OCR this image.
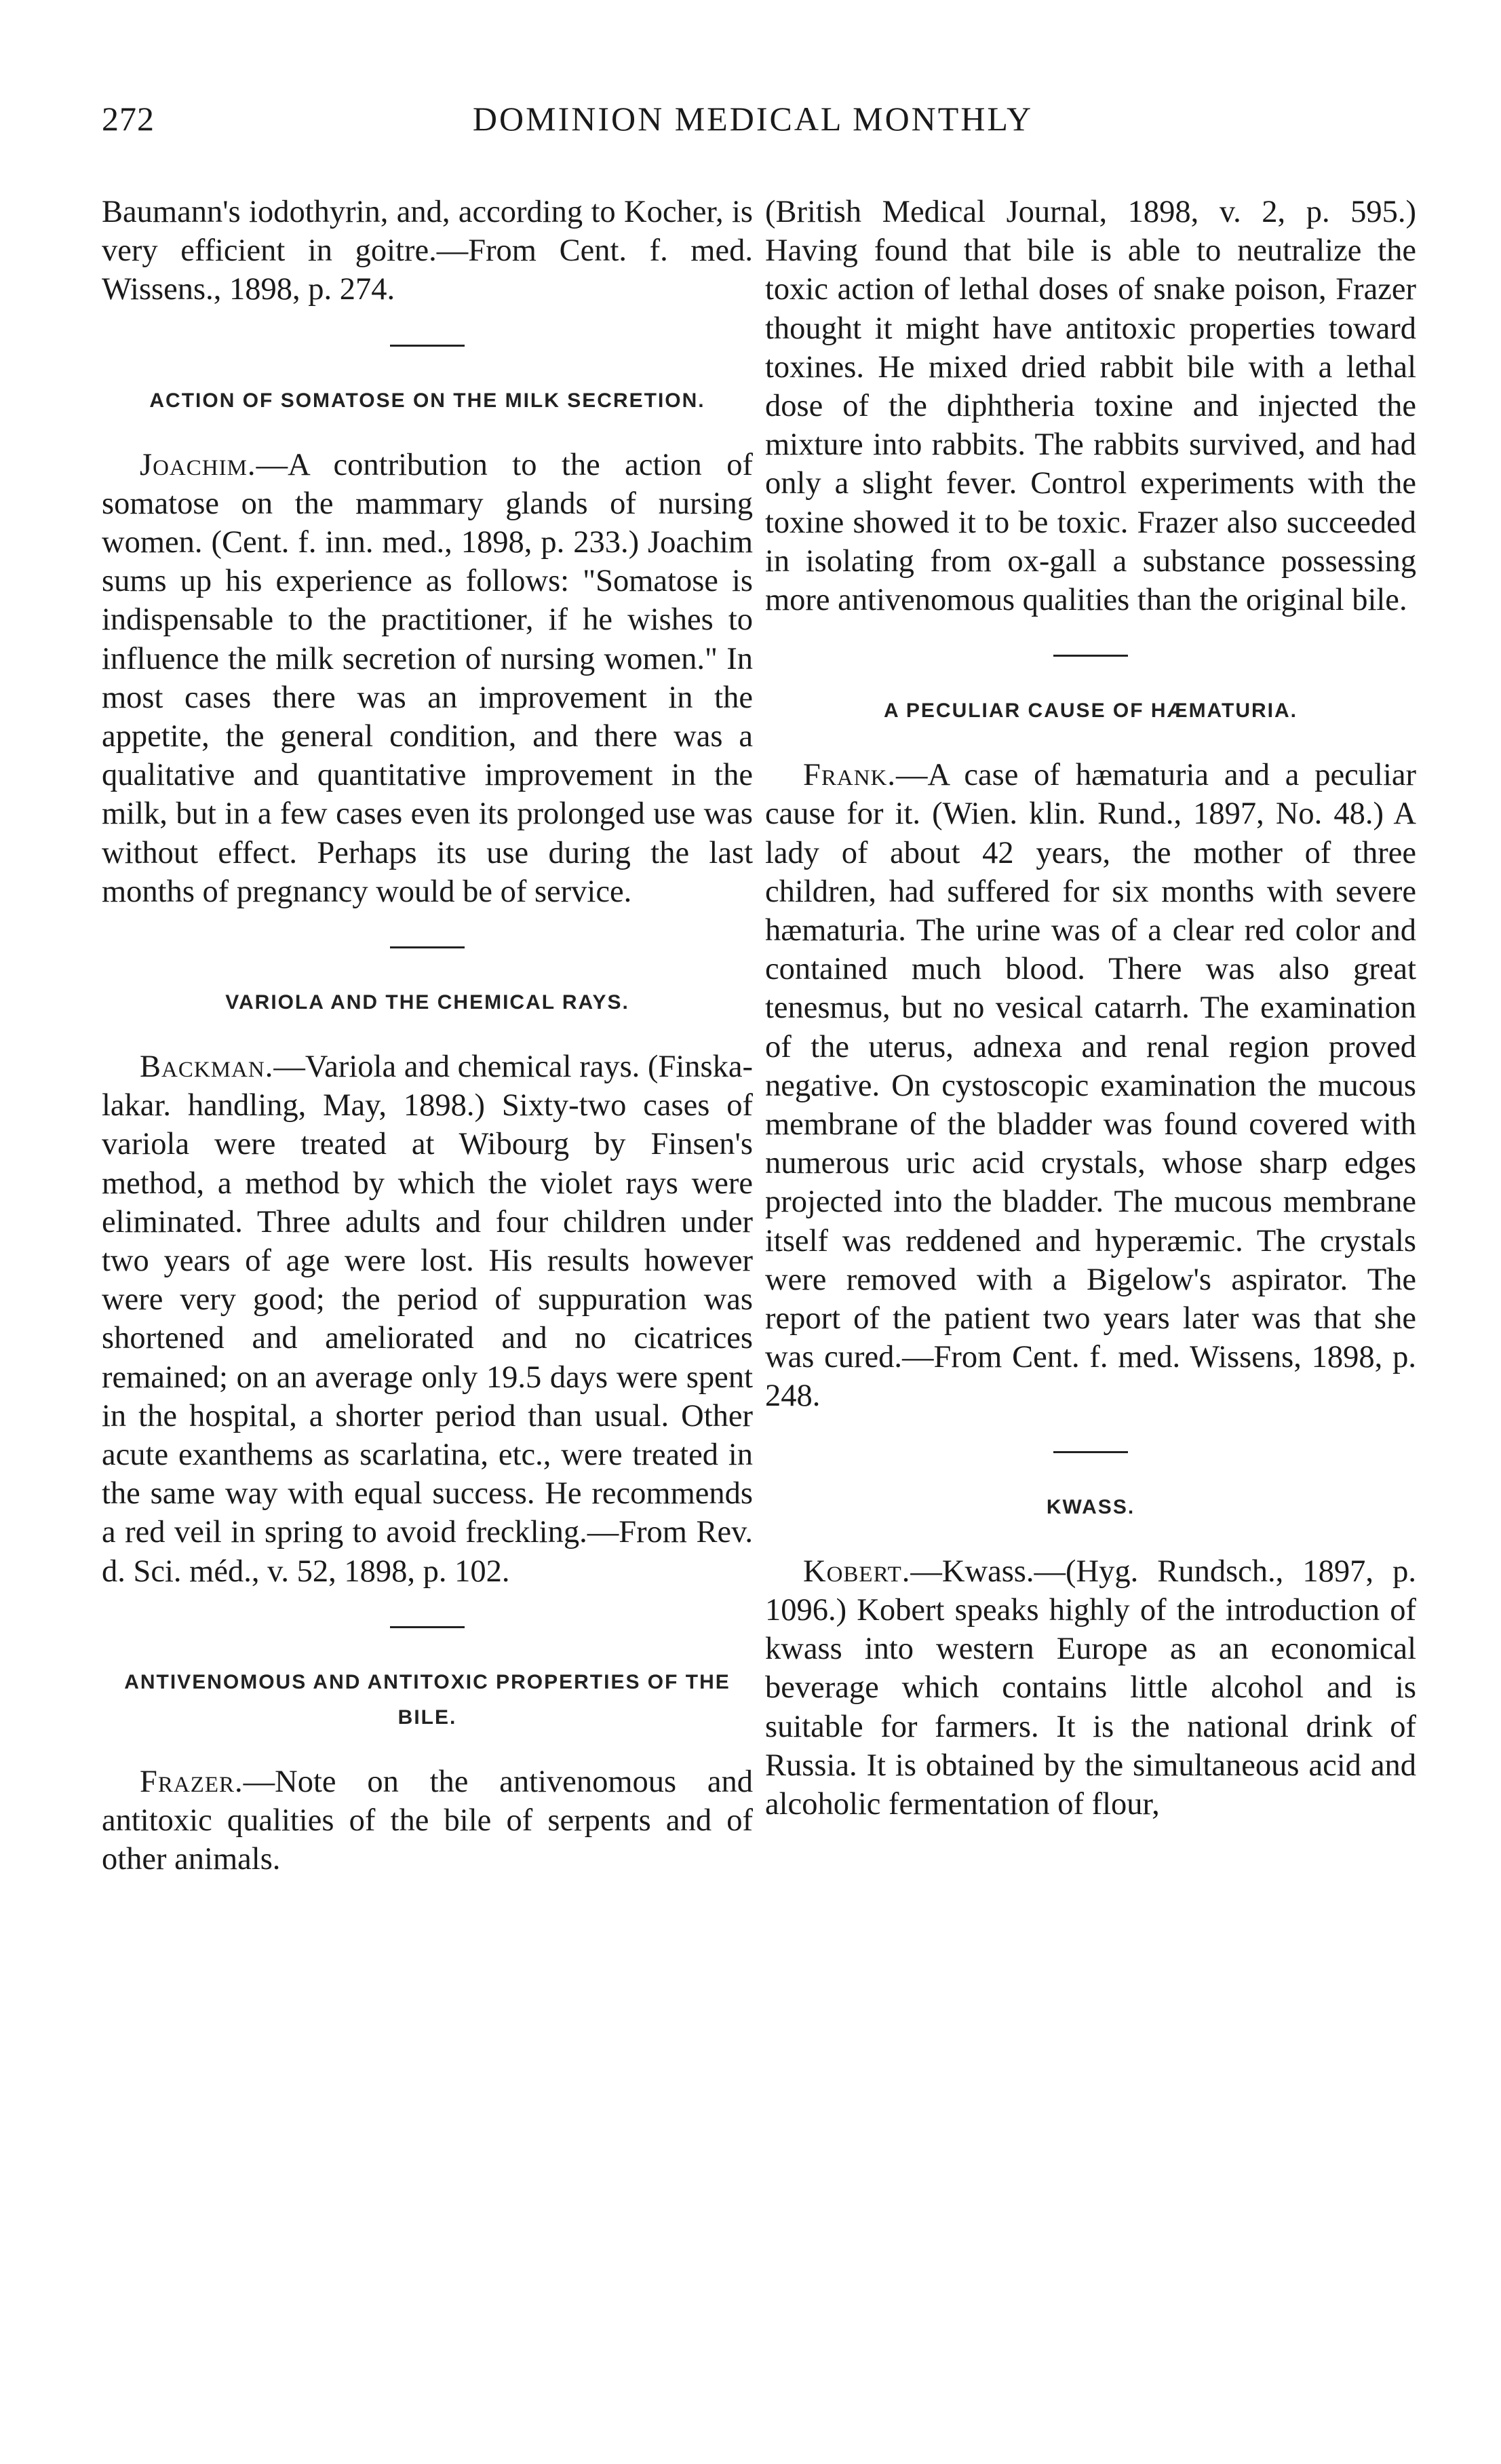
272	DOMINION MEDICAL MONTHLY

Baumann's iodothyrin, and, according to Kocher, is very efficient in goitre.—From Cent. f. med. Wissens., 1898, p. 274.

ACTION OF SOMATOSE ON THE MILK SECRETION.

Joachim.—A contribution to the action of somatose on the mammary glands of nursing women. (Cent. f. inn. med., 1898, p. 233.) Joachim sums up his experience as follows: "Somatose is indispensable to the practitioner, if he wishes to influence the milk secretion of nursing women." In most cases there was an improvement in the appetite, the general condition, and there was a qualitative and quantitative improvement in the milk, but in a few cases even its prolonged use was without effect. Perhaps its use during the last months of pregnancy would be of service.

VARIOLA AND THE CHEMICAL RAYS.

Backman.—Variola and chemical rays. (Finska-lakar. handling, May, 1898.) Sixty-two cases of variola were treated at Wibourg by Finsen's method, a method by which the violet rays were eliminated. Three adults and four children under two years of age were lost. His results however were very good; the period of suppuration was shortened and ameliorated and no cicatrices remained; on an average only 19.5 days were spent in the hospital, a shorter period than usual. Other acute exanthems as scarlatina, etc., were treated in the same way with equal success. He recommends a red veil in spring to avoid freckling.—From Rev. d. Sci. méd., v. 52, 1898, p. 102.

ANTIVENOMOUS AND ANTITOXIC PROPERTIES OF THE BILE.

Frazer.—Note on the antivenomous and antitoxic qualities of the bile of serpents and of other animals.

(British Medical Journal, 1898, v. 2, p. 595.) Having found that bile is able to neutralize the toxic action of lethal doses of snake poison, Frazer thought it might have antitoxic properties toward toxines. He mixed dried rabbit bile with a lethal dose of the diphtheria toxine and injected the mixture into rabbits. The rabbits survived, and had only a slight fever. Control experiments with the toxine showed it to be toxic. Frazer also succeeded in isolating from ox-gall a substance possessing more antivenomous qualities than the original bile.

A PECULIAR CAUSE OF HÆMATURIA.

Frank.—A case of hæmaturia and a peculiar cause for it. (Wien. klin. Rund., 1897, No. 48.) A lady of about 42 years, the mother of three children, had suffered for six months with severe hæmaturia. The urine was of a clear red color and contained much blood. There was also great tenesmus, but no vesical catarrh. The examination of the uterus, adnexa and renal region proved negative. On cystoscopic examination the mucous membrane of the bladder was found covered with numerous uric acid crystals, whose sharp edges projected into the bladder. The mucous membrane itself was reddened and hyperæmic. The crystals were removed with a Bigelow's aspirator. The report of the patient two years later was that she was cured.—From Cent. f. med. Wissens, 1898, p. 248.

KWASS.

Kobert.—Kwass.—(Hyg. Rundsch., 1897, p. 1096.) Kobert speaks highly of the introduction of kwass into western Europe as an economical beverage which contains little alcohol and is suitable for farmers. It is the national drink of Russia. It is obtained by the simultaneous acid and alcoholic fermentation of flour,
